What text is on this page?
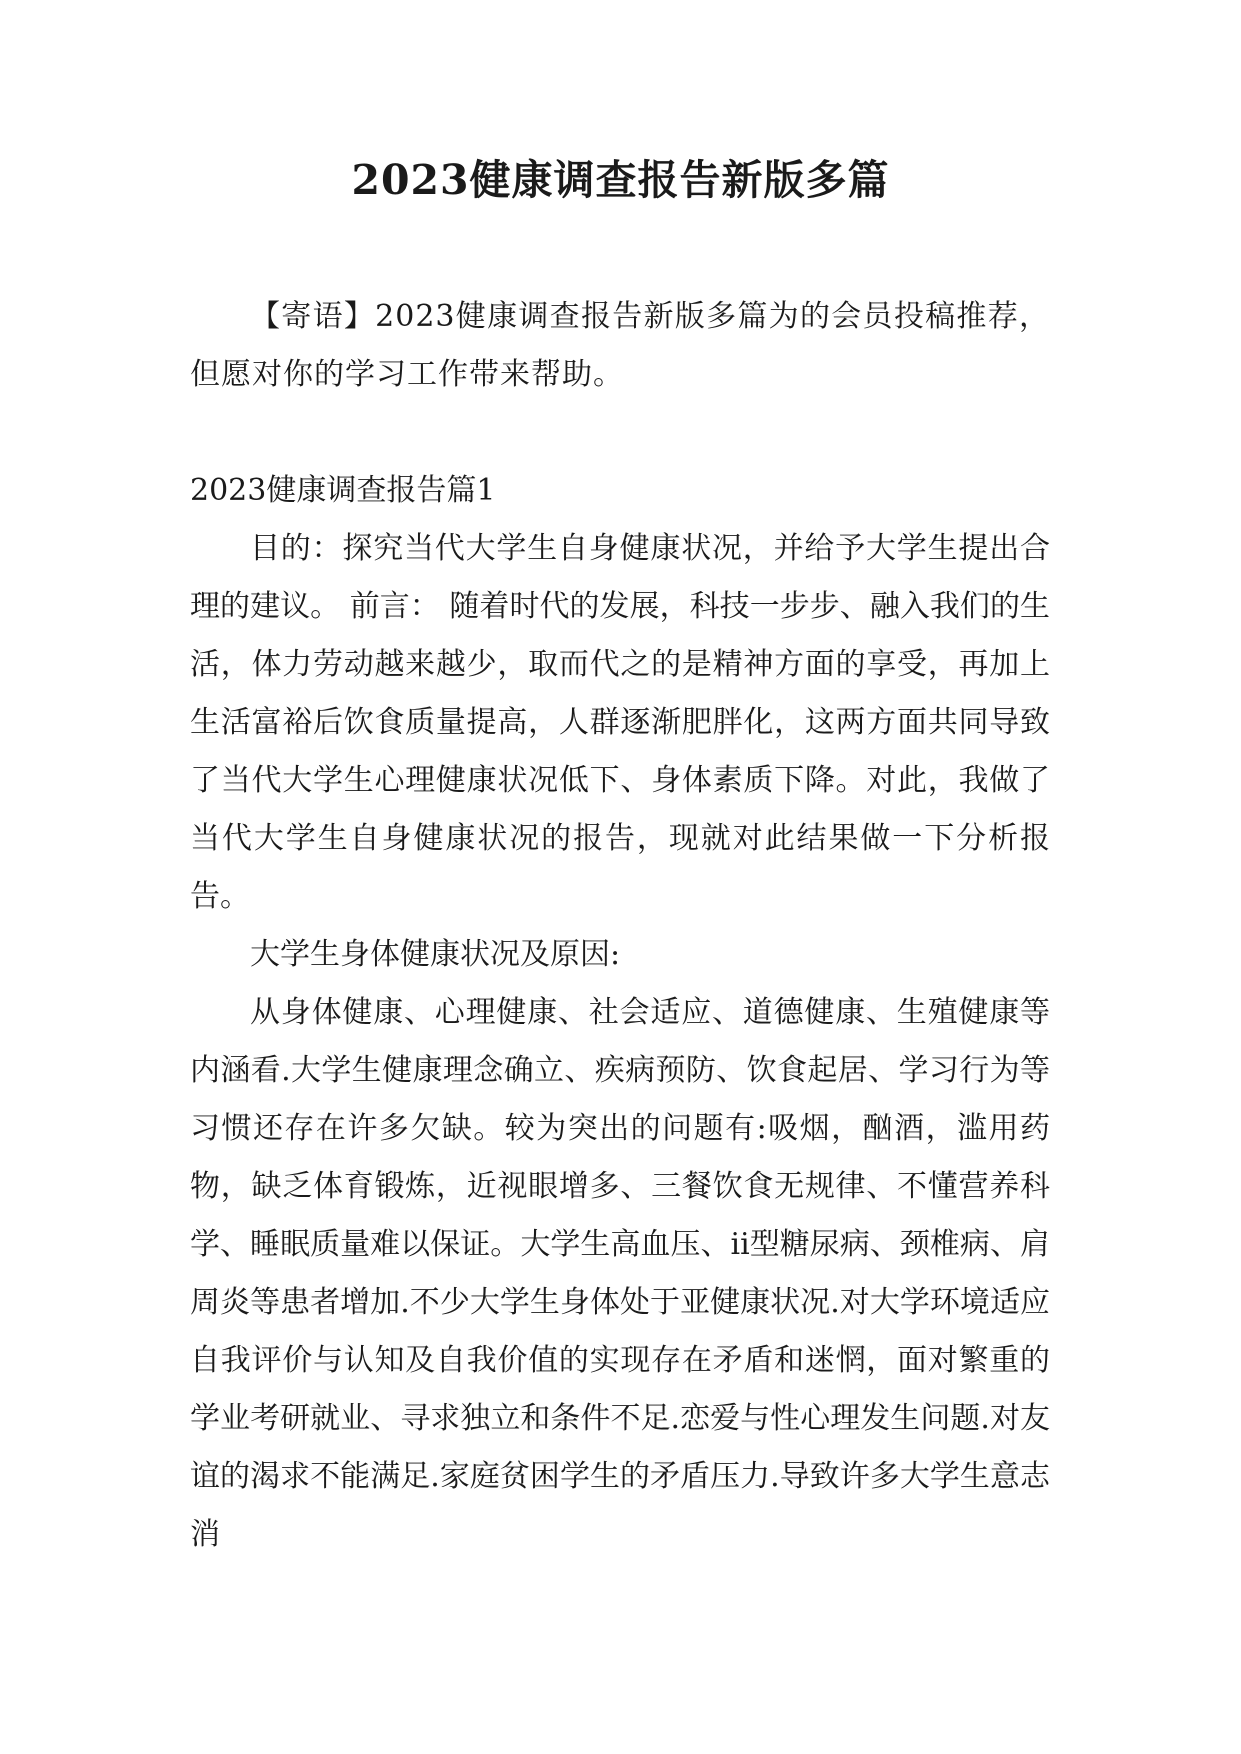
2023健康调查报告新版多篇

【寄语】2023健康调查报告新版多篇为的会员投稿推荐，但愿对你的学习工作带来帮助。

2023健康调查报告篇1

目的：探究当代大学生自身健康状况，并给予大学生提出合理的建议。 前言： 随着时代的发展，科技一步步、融入我们的生活，体力劳动越来越少，取而代之的是精神方面的享受，再加上生活富裕后饮食质量提高，人群逐渐肥胖化，这两方面共同导致了当代大学生心理健康状况低下、身体素质下降。对此，我做了当代大学生自身健康状况的报告，现就对此结果做一下分析报告。

大学生身体健康状况及原因:

从身体健康、心理健康、社会适应、道德健康、生殖健康等内涵看.大学生健康理念确立、疾病预防、饮食起居、学习行为等习惯还存在许多欠缺。较为突出的问题有:吸烟，酗酒，滥用药物，缺乏体育锻炼，近视眼增多、三餐饮食无规律、不懂营养科学、睡眠质量难以保证。大学生高血压、ii型糖尿病、颈椎病、肩周炎等患者增加.不少大学生身体处于亚健康状况.对大学环境适应自我评价与认知及自我价值的实现存在矛盾和迷惘，面对繁重的学业考研就业、寻求独立和条件不足.恋爱与性心理发生问题.对友谊的渴求不能满足.家庭贫困学生的矛盾压力.导致许多大学生意志消
